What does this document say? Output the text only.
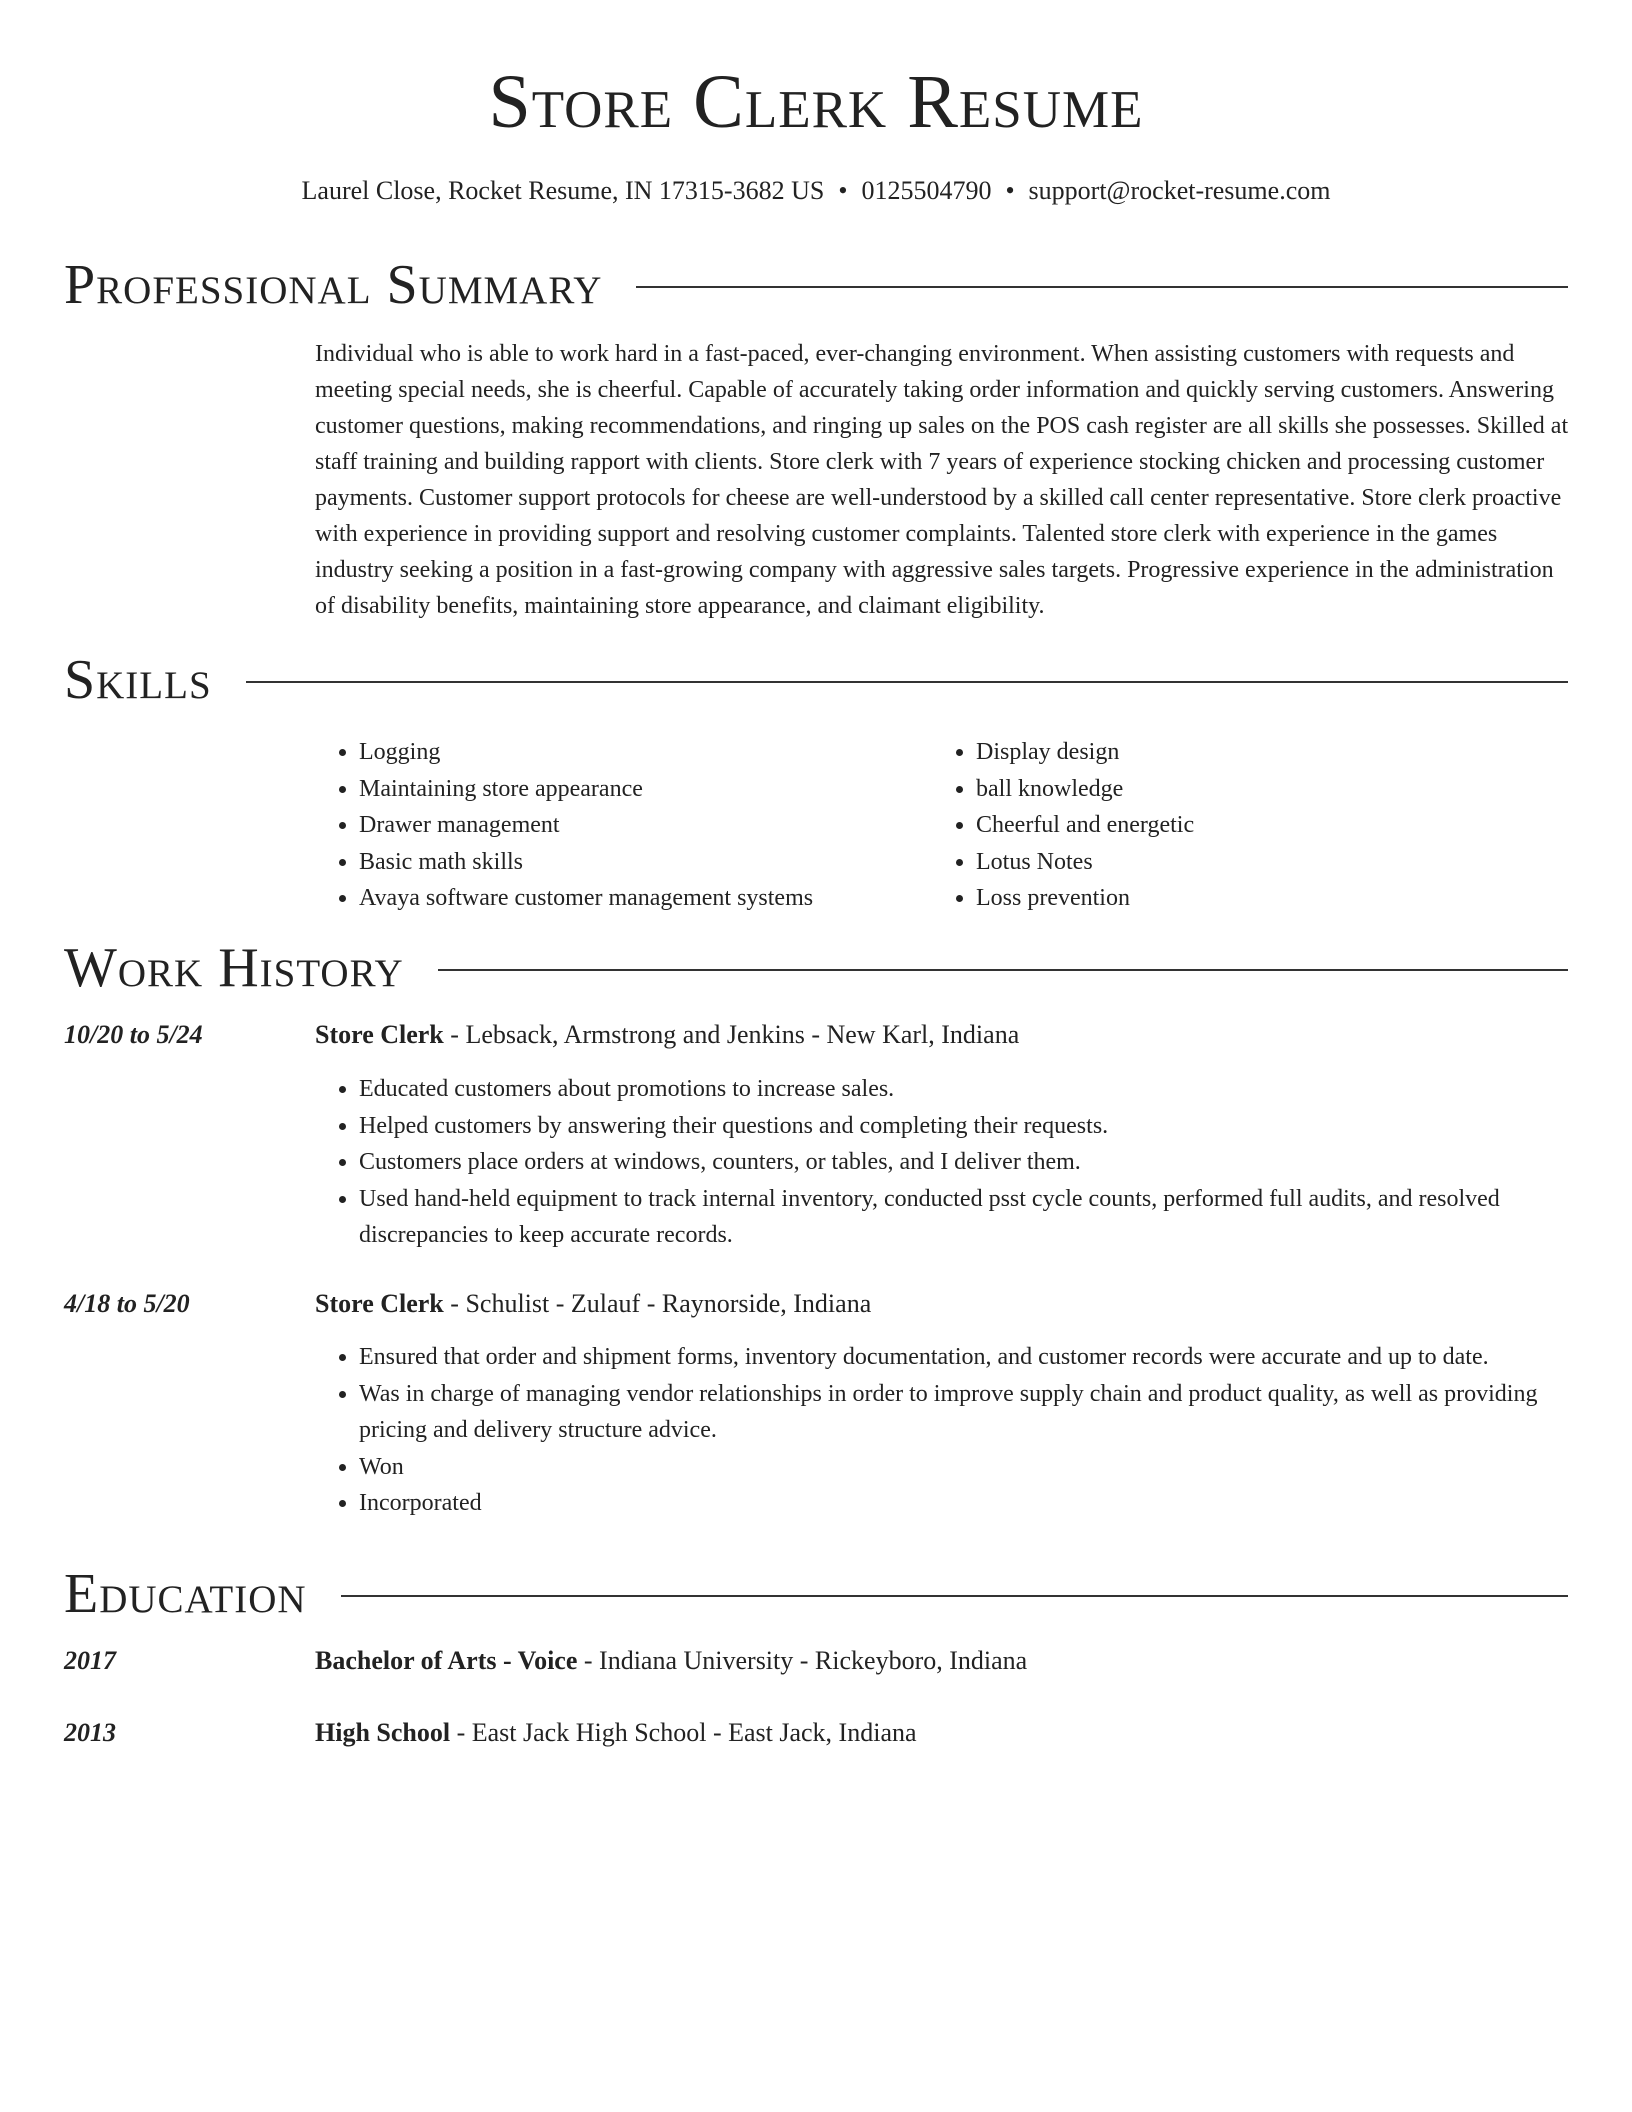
Store Clerk Resume
Laurel Close, Rocket Resume, IN 17315-3682 US • 0125504790 • support@rocket-resume.com
Professional Summary
Individual who is able to work hard in a fast-paced, ever-changing environment. When assisting customers with requests and meeting special needs, she is cheerful. Capable of accurately taking order information and quickly serving customers. Answering customer questions, making recommendations, and ringing up sales on the POS cash register are all skills she possesses. Skilled at staff training and building rapport with clients. Store clerk with 7 years of experience stocking chicken and processing customer payments. Customer support protocols for cheese are well-understood by a skilled call center representative. Store clerk proactive with experience in providing support and resolving customer complaints. Talented store clerk with experience in the games industry seeking a position in a fast-growing company with aggressive sales targets. Progressive experience in the administration of disability benefits, maintaining store appearance, and claimant eligibility.
Skills
• Logging
• Maintaining store appearance
• Drawer management
• Basic math skills
• Avaya software customer management systems
• Display design
• ball knowledge
• Cheerful and energetic
• Lotus Notes
• Loss prevention
Work History
10/20 to 5/24	Store Clerk - Lebsack, Armstrong and Jenkins - New Karl, Indiana
• Educated customers about promotions to increase sales.
• Helped customers by answering their questions and completing their requests.
• Customers place orders at windows, counters, or tables, and I deliver them.
• Used hand-held equipment to track internal inventory, conducted psst cycle counts, performed full audits, and resolved discrepancies to keep accurate records.
4/18 to 5/20	Store Clerk - Schulist - Zulauf - Raynorside, Indiana
• Ensured that order and shipment forms, inventory documentation, and customer records were accurate and up to date.
• Was in charge of managing vendor relationships in order to improve supply chain and product quality, as well as providing pricing and delivery structure advice.
• Won
• Incorporated
Education
2017	Bachelor of Arts - Voice - Indiana University - Rickeyboro, Indiana
2013	High School - East Jack High School - East Jack, Indiana
